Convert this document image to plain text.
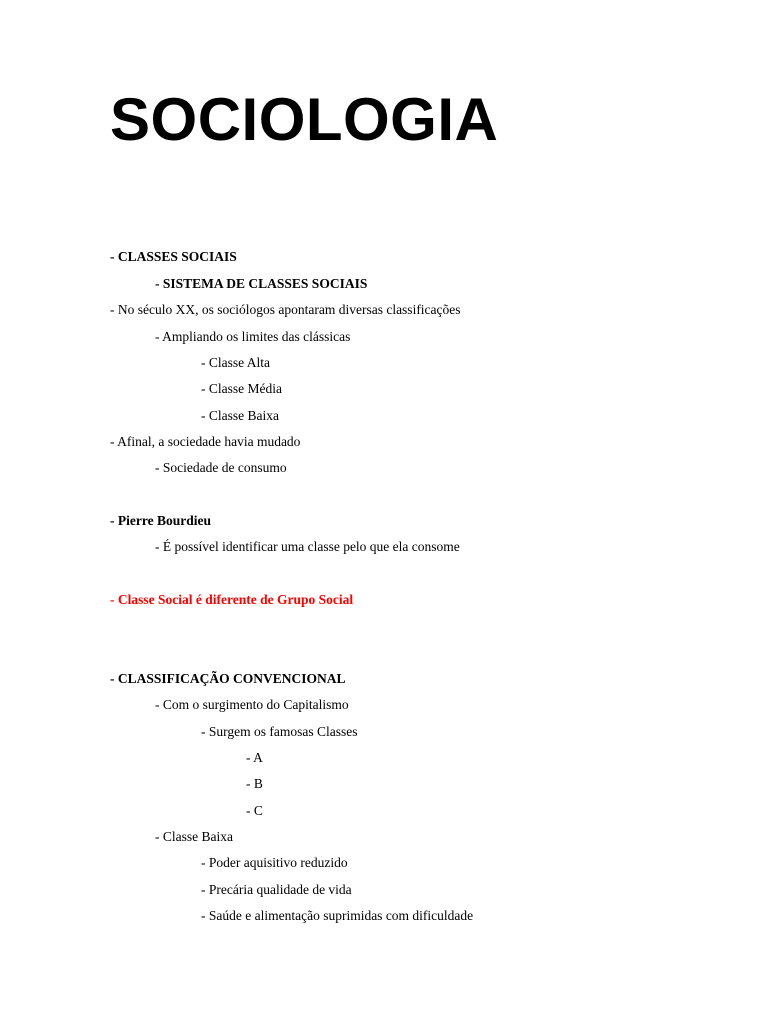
SOCIOLOGIA

- CLASSES SOCIAIS

- SISTEMA DE CLASSES SOCIAIS

- No século XX, os sociólogos apontaram diversas classificações

- Ampliando os limites das clássicas

- Classe Alta

- Classe Média

- Classe Baixa

- Afinal, a sociedade havia mudado

- Sociedade de consumo

- Pierre Bourdieu

- É possível identificar uma classe pelo que ela consome

- Classe Social é diferente de Grupo Social

- CLASSIFICAÇÃO CONVENCIONAL

- Com o surgimento do Capitalismo

- Surgem os famosas Classes

- A

- B

- C

- Classe Baixa

- Poder aquisitivo reduzido

- Precária qualidade de vida

- Saúde e alimentação suprimidas com dificuldade
